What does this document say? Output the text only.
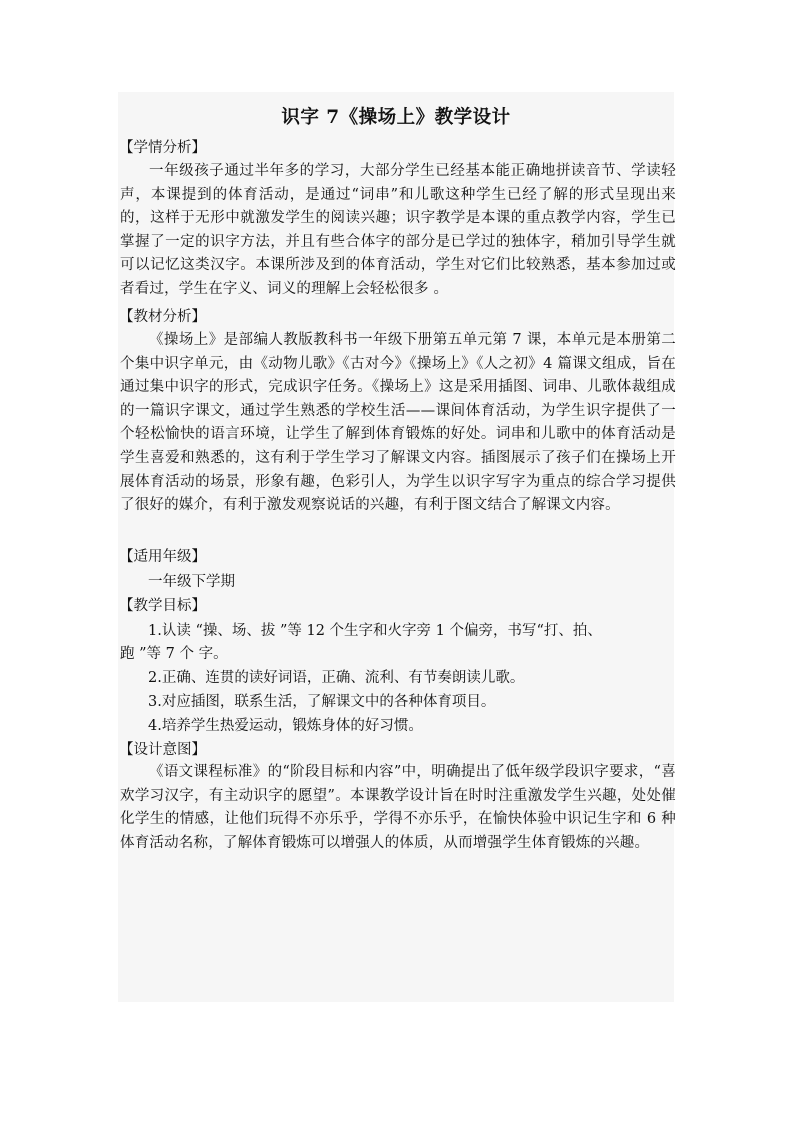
识字 7《操场上》教学设计
【学情分析】
一年级孩子通过半年多的学习，大部分学生已经基本能正确地拼读音节、学读轻声，本课提到的体育活动，是通过“词串”和儿歌这种学生已经了解的形式呈现出来的，这样于无形中就激发学生的阅读兴趣；识字教学是本课的重点教学内容，学生已掌握了一定的识字方法，并且有些合体字的部分是已学过的独体字，稍加引导学生就可以记忆这类汉字。本课所涉及到的体育活动，学生对它们比较熟悉，基本参加过或者看过，学生在字义、词义的理解上会轻松很多 。
【教材分析】
《操场上》是部编人教版教科书一年级下册第五单元第 7 课，本单元是本册第二个集中识字单元，由《动物儿歌》《古对今》《操场上》《人之初》4 篇课文组成，旨在通过集中识字的形式，完成识字任务。《操场上》这是采用插图、词串、儿歌体裁组成的一篇识字课文，通过学生熟悉的学校生活——课间体育活动，为学生识字提供了一个轻松愉快的语言环境，让学生了解到体育锻炼的好处。词串和儿歌中的体育活动是学生喜爱和熟悉的，这有利于学生学习了解课文内容。插图展示了孩子们在操场上开展体育活动的场景，形象有趣，色彩引人，为学生以识字写字为重点的综合学习提供了很好的媒介，有利于激发观察说话的兴趣，有利于图文结合了解课文内容。
【适用年级】
一年级下学期
【教学目标】
1.认读 “操、场、拔 ”等 12 个生字和火字旁 1 个偏旁，书写“打、拍、
跑 ”等 7 个 字。
2.正确、连贯的读好词语，正确、流利、有节奏朗读儿歌。
3.对应插图，联系生活，了解课文中的各种体育项目。
4.培养学生热爱运动，锻炼身体的好习惯。
【设计意图】
《语文课程标准》的“阶段目标和内容”中，明确提出了低年级学段识字要求，“喜欢学习汉字，有主动识字的愿望”。本课教学设计旨在时时注重激发学生兴趣，处处催化学生的情感，让他们玩得不亦乐乎，学得不亦乐乎，在愉快体验中识记生字和 6 种体育活动名称，了解体育锻炼可以增强人的体质，从而增强学生体育锻炼的兴趣。
